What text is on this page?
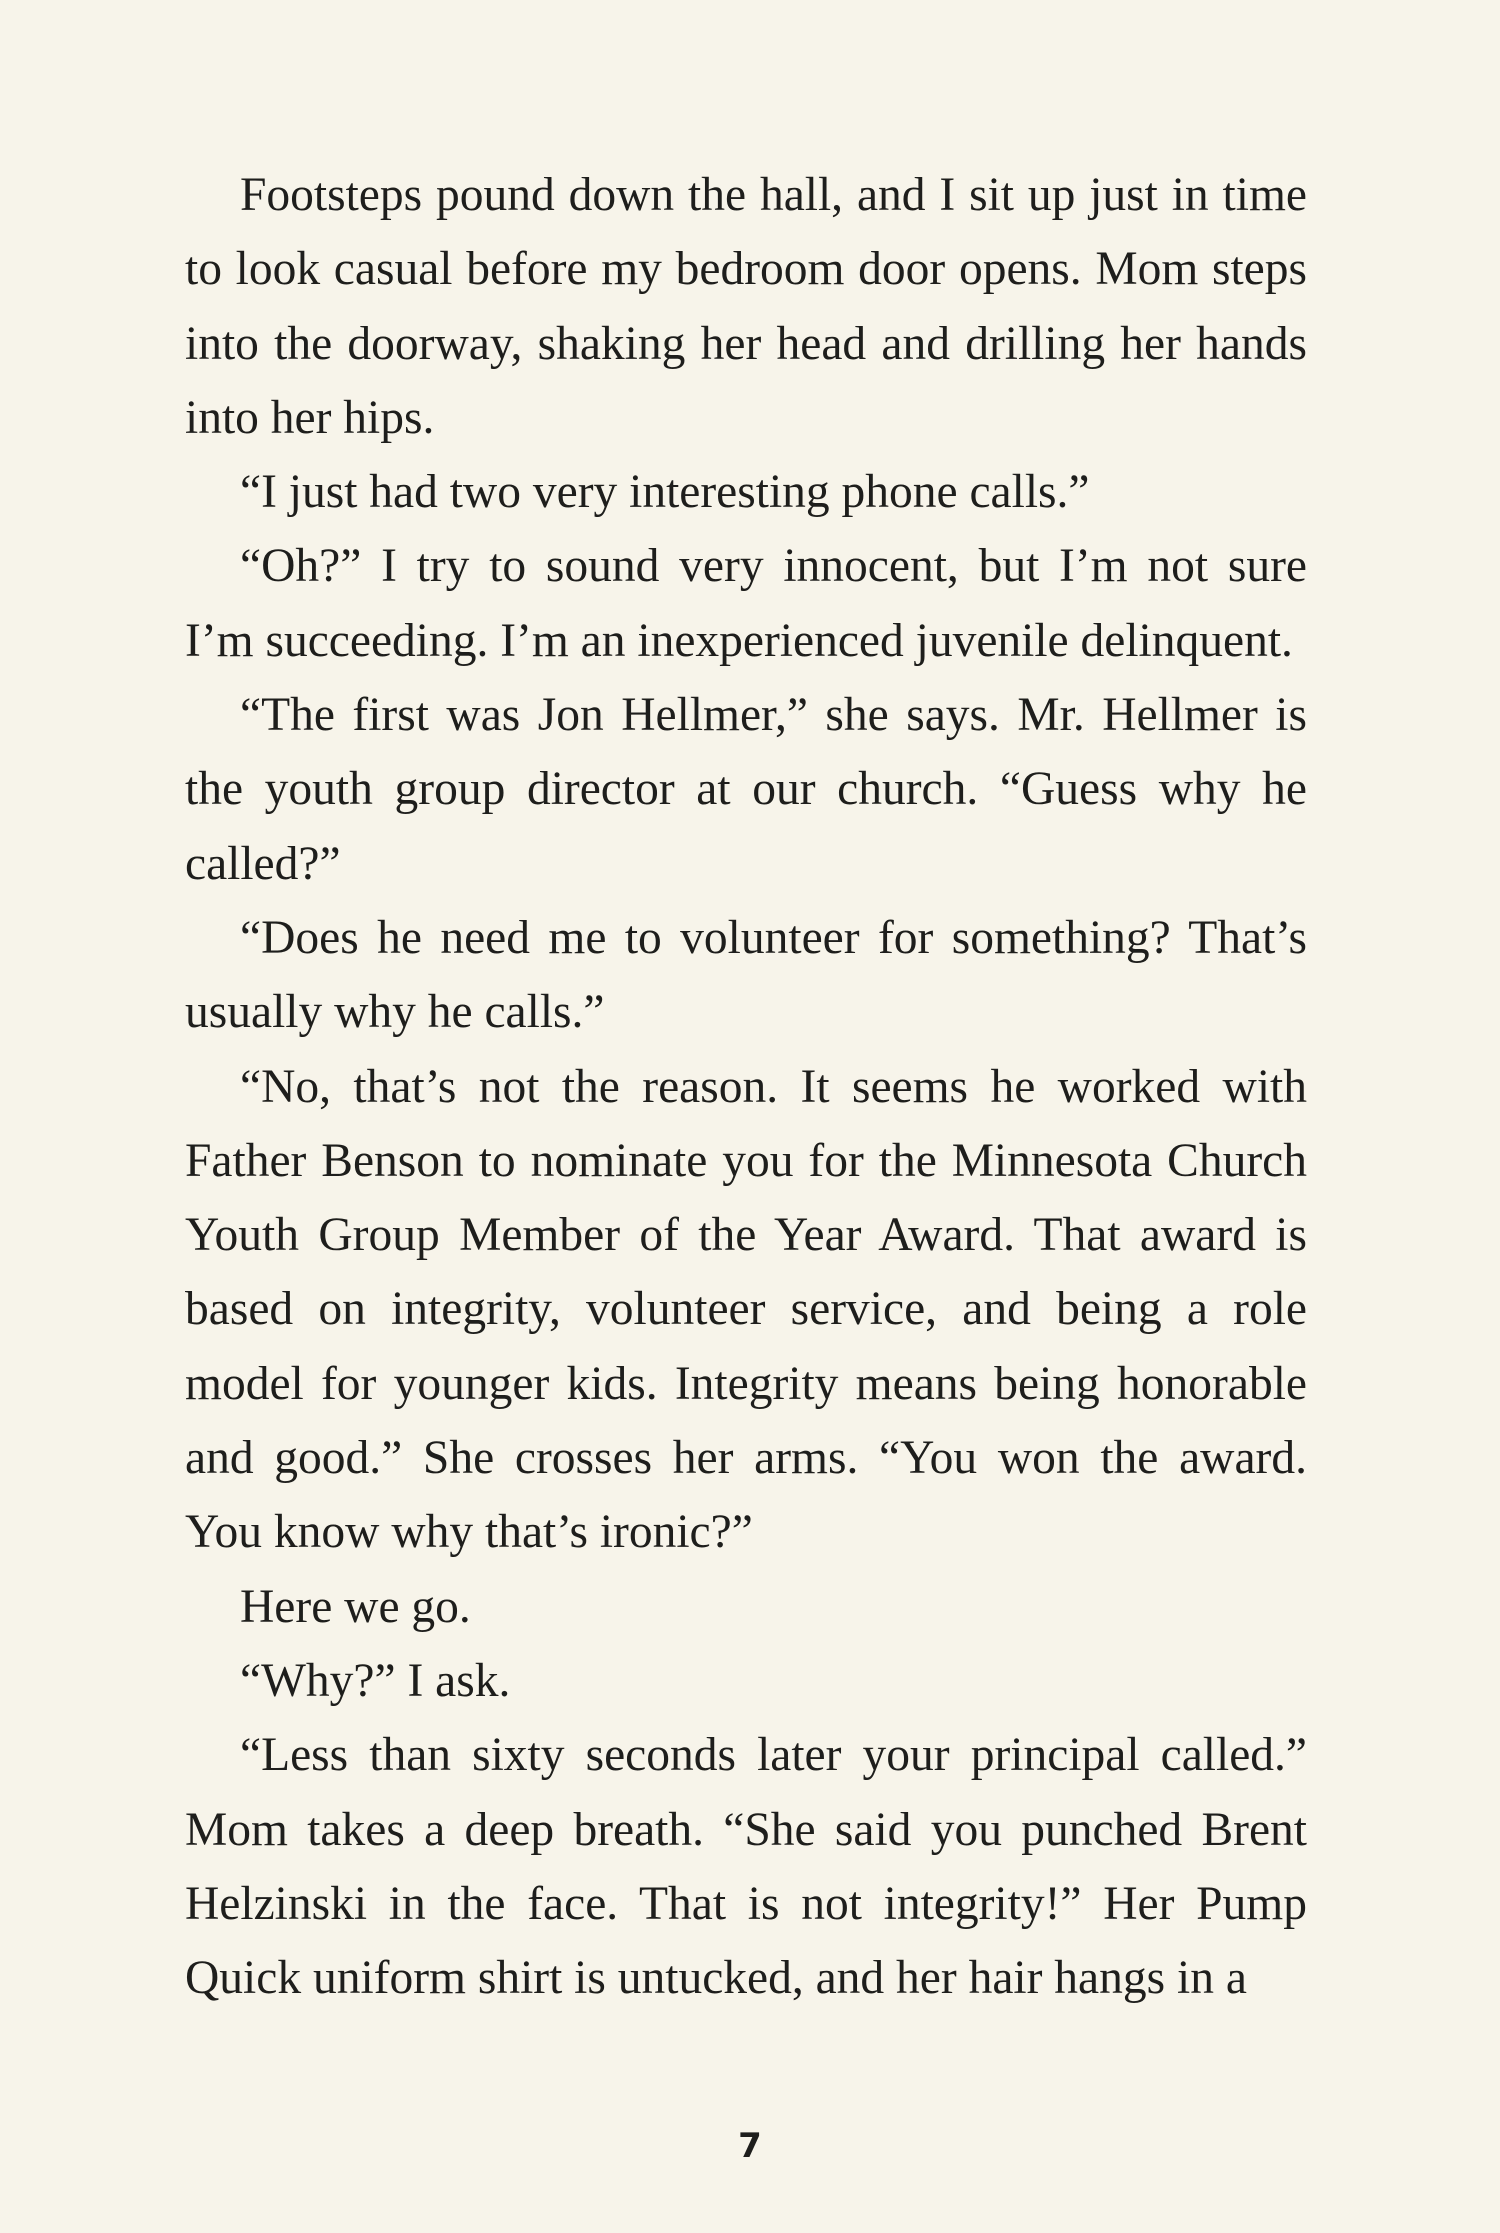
Footsteps pound down the hall, and I sit up just in time to look casual before my bedroom door opens. Mom steps into the doorway, shaking her head and drilling her hands into her hips.

“I just had two very interesting phone calls.”

“Oh?” I try to sound very innocent, but I’m not sure I’m succeeding. I’m an inexperienced juvenile delinquent.

“The first was Jon Hellmer,” she says. Mr. Hellmer is the youth group director at our church. “Guess why he called?”

“Does he need me to volunteer for something? That’s usually why he calls.”

“No, that’s not the reason. It seems he worked with Father Benson to nominate you for the Minnesota Church Youth Group Member of the Year Award. That award is based on integrity, volunteer service, and being a role model for younger kids. Integrity means being honorable and good.” She crosses her arms. “You won the award. You know why that’s ironic?”

Here we go.

“Why?” I ask.

“Less than sixty seconds later your principal called.” Mom takes a deep breath. “She said you punched Brent Helzinski in the face. That is not integrity!” Her Pump Quick uniform shirt is untucked, and her hair hangs in a

7
